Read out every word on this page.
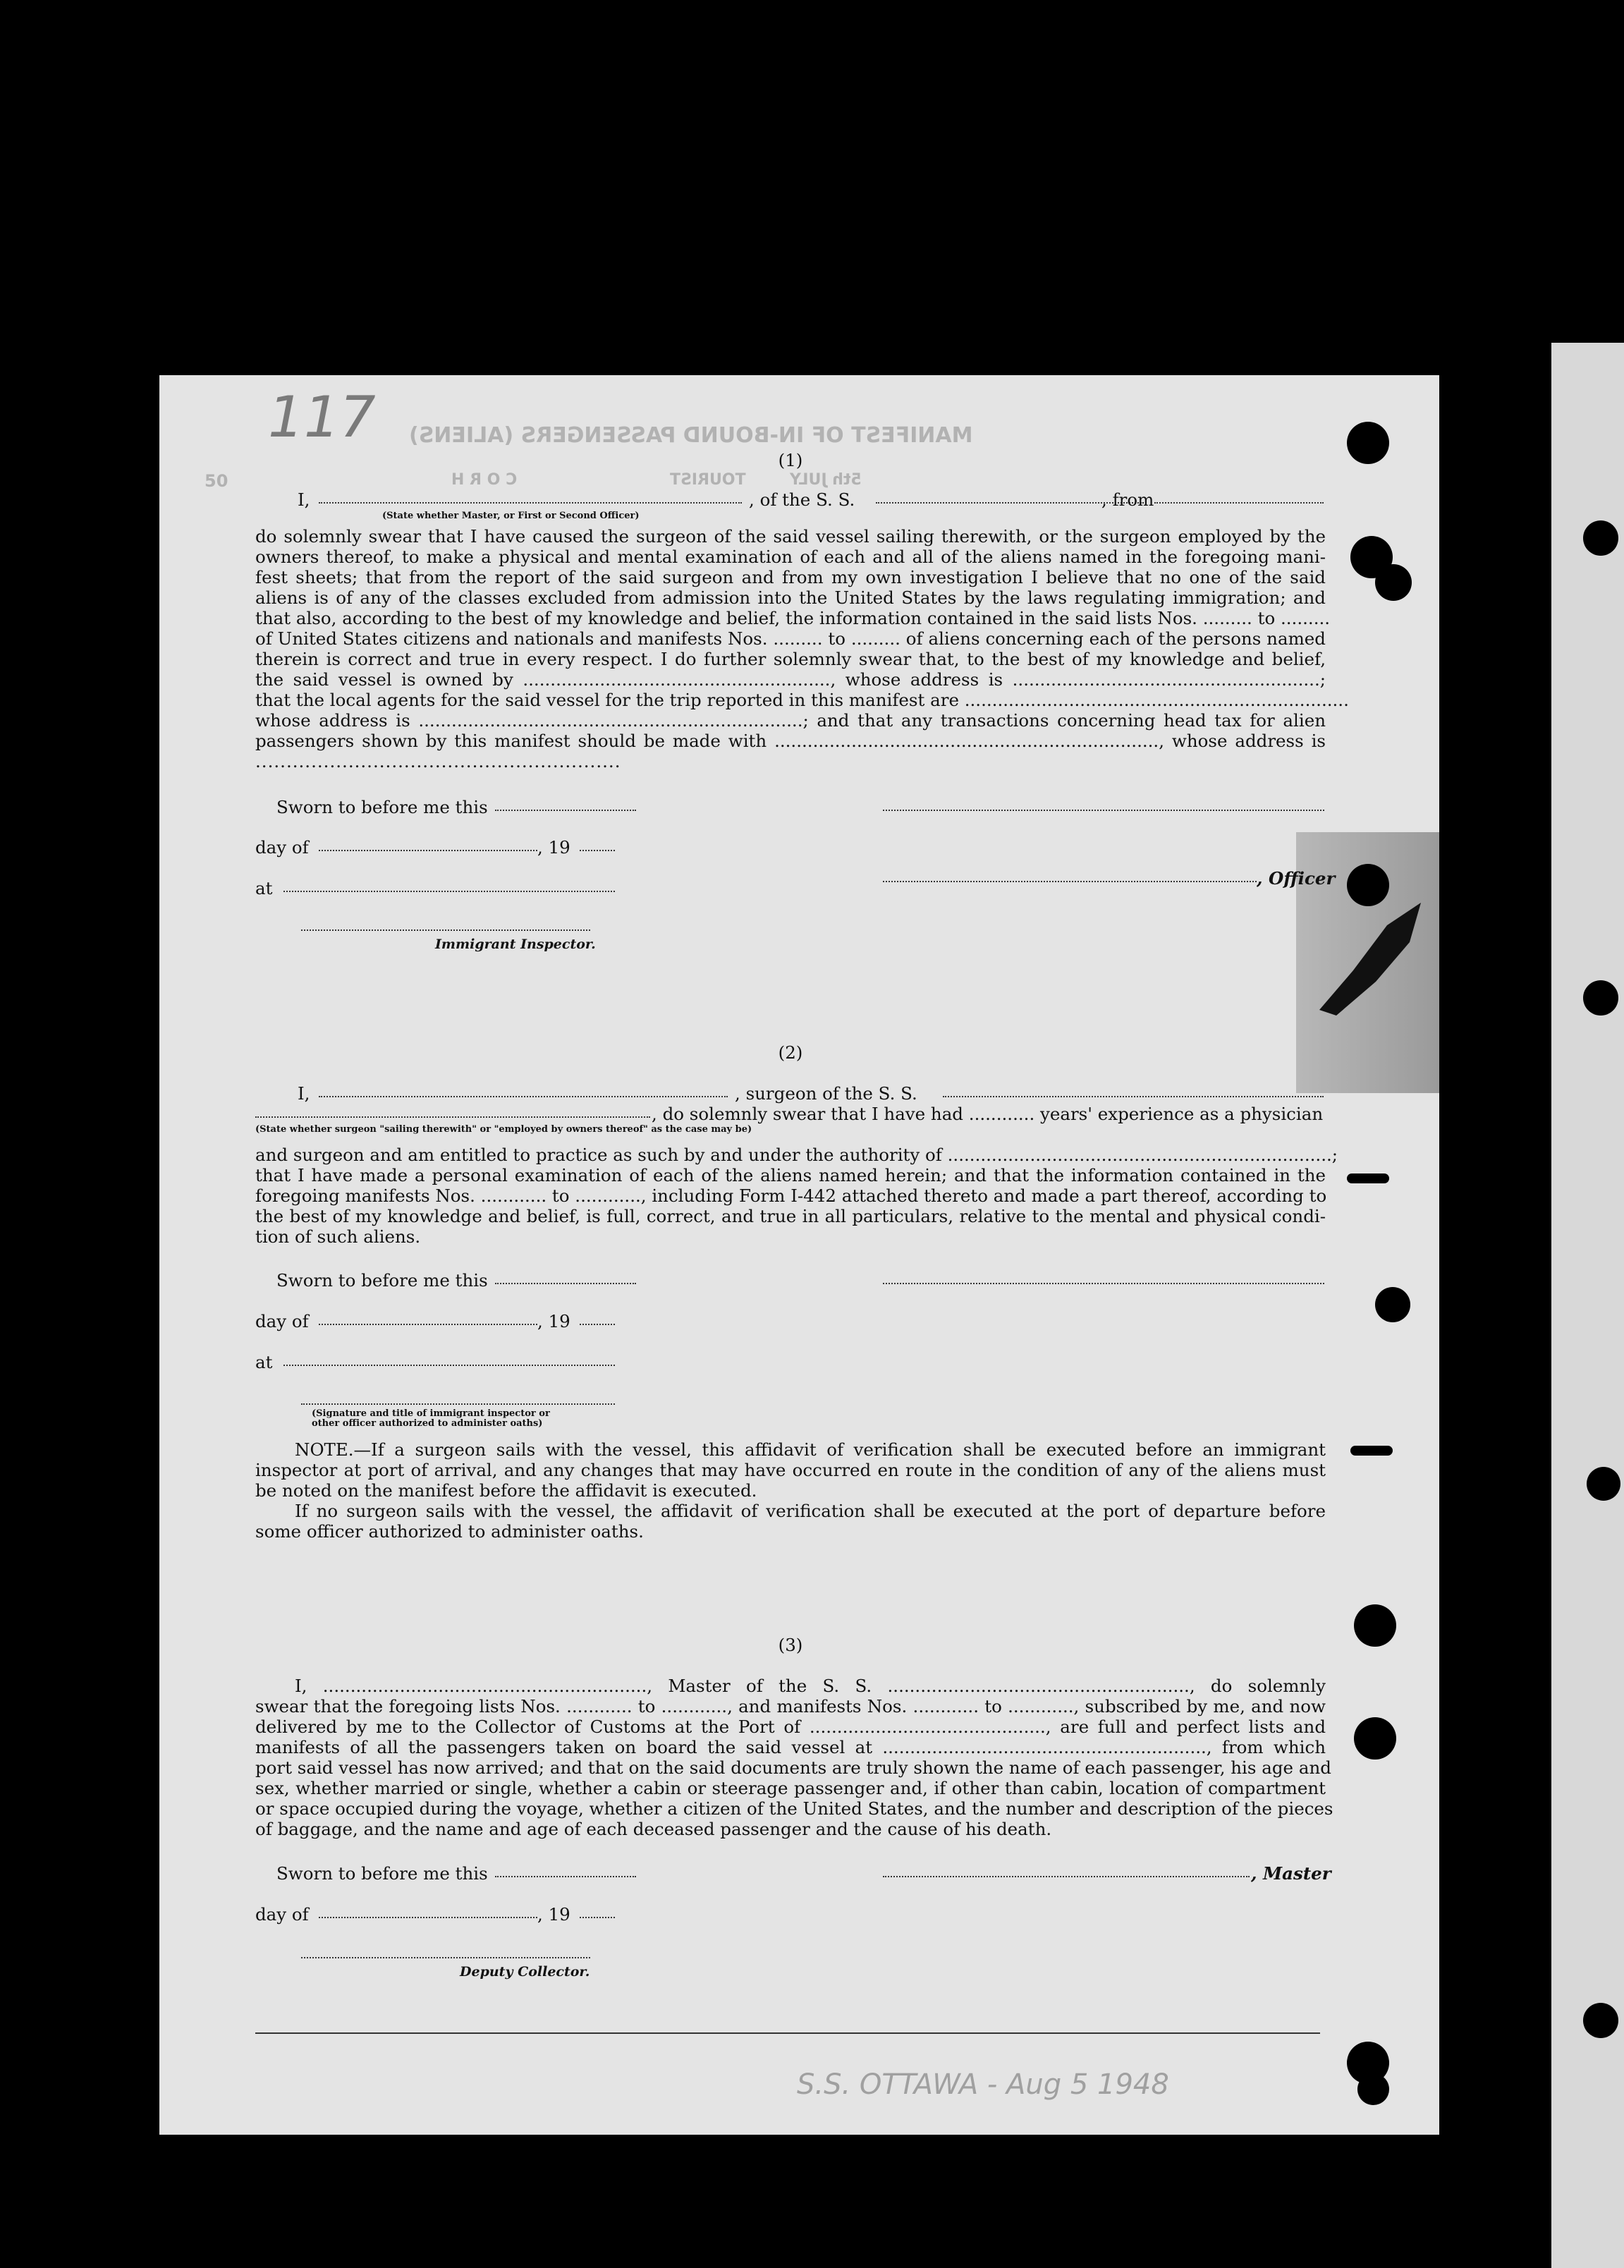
MANIFEST OF IN-BOUND PASSENGERS (ALIENS)
TOURIST
C O R H	5th JULY
50
117
S.S. OTTAWA - Aug 5 1948
(1)
I,	, of the S. S.	, from
(State whether Master, or First or Second Officer)
do solemnly swear that I have caused the surgeon of the said vessel sailing therewith, or the surgeon employed by the
owners thereof, to make a physical and mental examination of each and all of the aliens named in the foregoing mani-
fest sheets; that from the report of the said surgeon and from my own investigation I believe that no one of the said
aliens is of any of the classes excluded from admission into the United States by the laws regulating immigration; and
that also, according to the best of my knowledge and belief, the information contained in the said lists Nos. ......... to .........
of United States citizens and nationals and manifests Nos. ......... to ......... of aliens concerning each of the persons named
therein is correct and true in every respect. I do further solemnly swear that, to the best of my knowledge and belief,
the said vessel is owned by ........................................................, whose address is ........................................................;
that the local agents for the said vessel for the trip reported in this manifest are ......................................................................
whose address is ......................................................................; and that any transactions concerning head tax for alien
passengers shown by this manifest should be made with ......................................................................, whose address is
...........................................................
Sworn to before me this
day of	, 19
, Officer
at
Immigrant Inspector.
(2)
I,	, surgeon of the S. S.
, do solemnly swear that I have had ............ years' experience as a physician
(State whether surgeon "sailing therewith" or "employed by owners thereof" as the case may be)
and surgeon and am entitled to practice as such by and under the authority of ......................................................................;
that I have made a personal examination of each of the aliens named herein; and that the information contained in the
foregoing manifests Nos. ............ to ............, including Form I-442 attached thereto and made a part thereof, according to
the best of my knowledge and belief, is full, correct, and true in all particulars, relative to the mental and physical condi-
tion of such aliens.
Sworn to before me this
day of	, 19
at
(Signature and title of immigrant inspector or
other officer authorized to administer oaths)
NOTE.—If a surgeon sails with the vessel, this affidavit of verification shall be executed before an immigrant
inspector at port of arrival, and any changes that may have occurred en route in the condition of any of the aliens must
be noted on the manifest before the affidavit is executed.
If no surgeon sails with the vessel, the affidavit of verification shall be executed at the port of departure before
some officer authorized to administer oaths.
(3)
I, ..........................................................., Master of the S. S. ......................................................., do solemnly
swear that the foregoing lists Nos. ............ to ............, and manifests Nos. ............ to ............, subscribed by me, and now
delivered by me to the Collector of Customs at the Port of ..........................................., are full and perfect lists and
manifests of all the passengers taken on board the said vessel at ..........................................................., from which
port said vessel has now arrived; and that on the said documents are truly shown the name of each passenger, his age and
sex, whether married or single, whether a cabin or steerage passenger and, if other than cabin, location of compartment
or space occupied during the voyage, whether a citizen of the United States, and the number and description of the pieces
of baggage, and the name and age of each deceased passenger and the cause of his death.
Sworn to before me this	, Master
day of	, 19
Deputy Collector.
